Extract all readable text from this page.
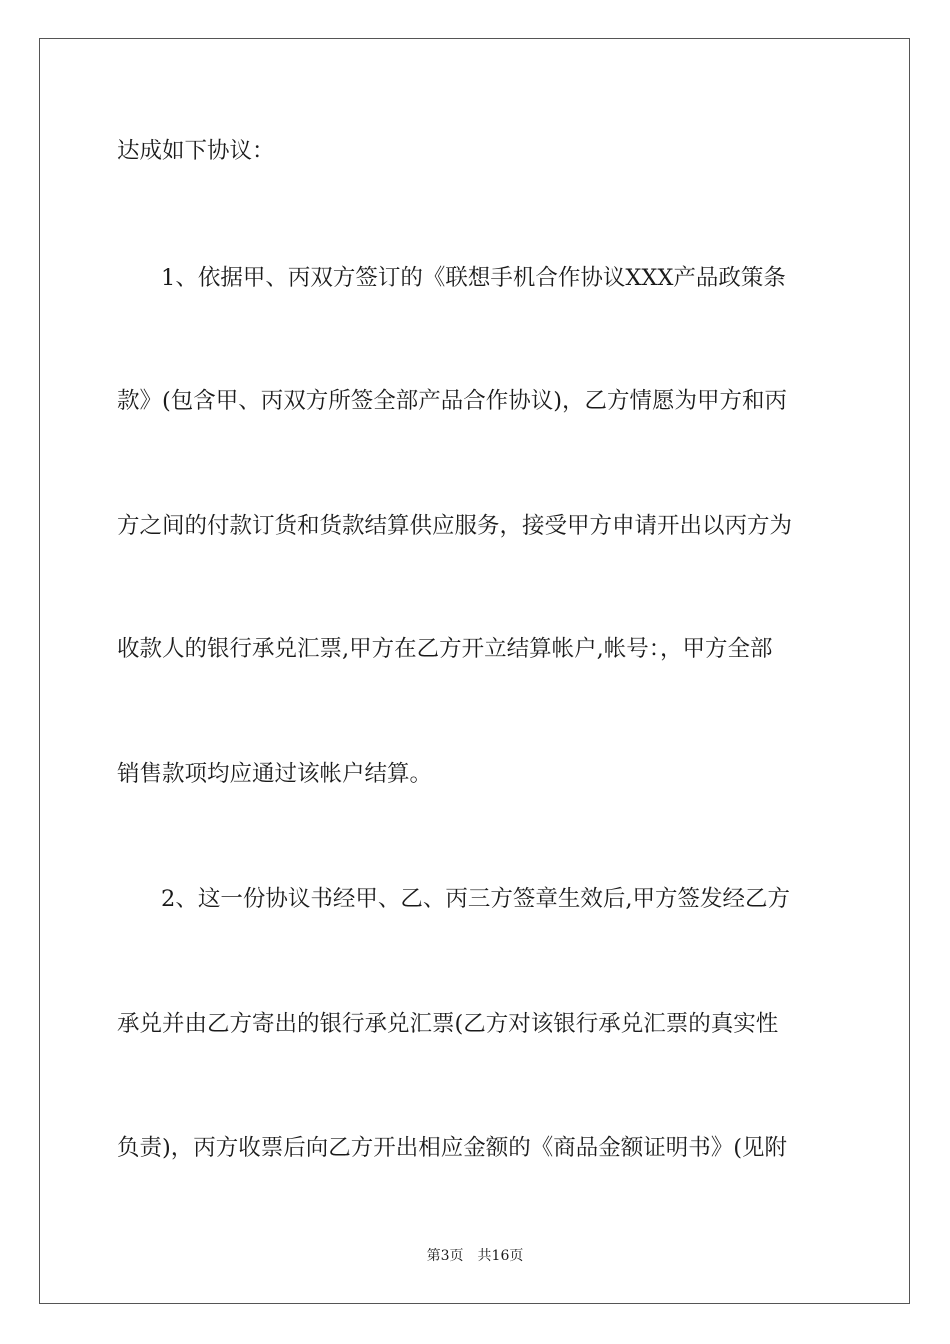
达成如下协议：
1、依据甲、丙双方签订的《联想手机合作协议XXX产品政策条
款》(包含甲、丙双方所签全部产品合作协议)，乙方情愿为甲方和丙
方之间的付款订货和货款结算供应服务，接受甲方申请开出以丙方为
收款人的银行承兑汇票,甲方在乙方开立结算帐户,帐号：，甲方全部
销售款项均应通过该帐户结算。
2、这一份协议书经甲、乙、丙三方签章生效后,甲方签发经乙方
承兑并由乙方寄出的银行承兑汇票(乙方对该银行承兑汇票的真实性
负责)，丙方收票后向乙方开出相应金额的《商品金额证明书》(见附
第3页 共16页
